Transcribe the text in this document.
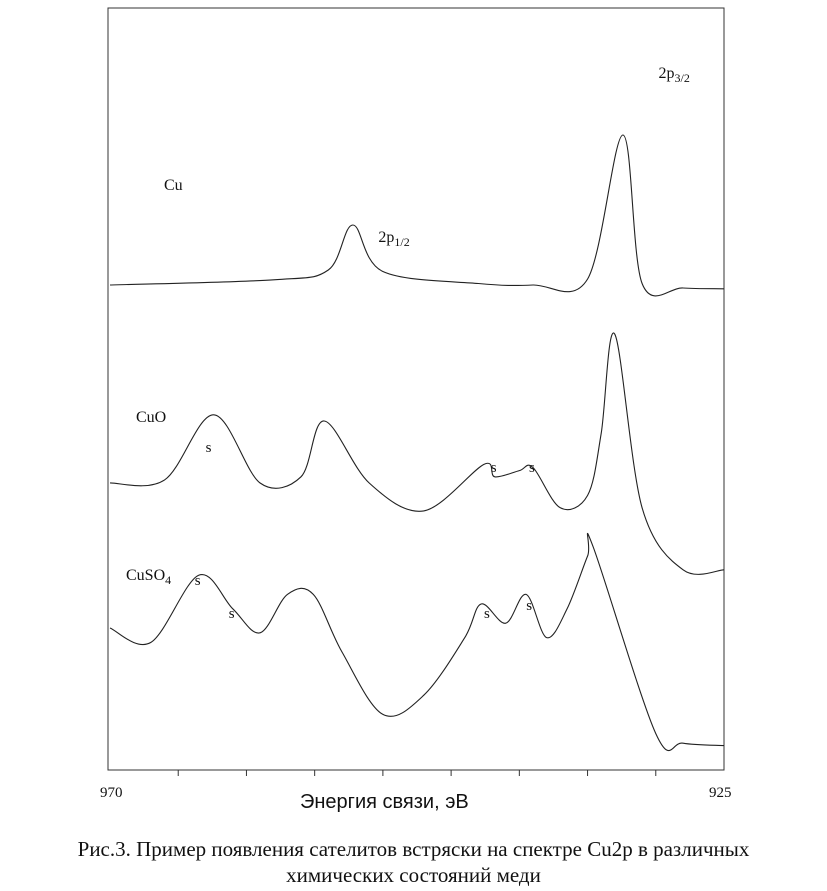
Cu
$2p_{1/2}$
$2p_{3/2}$
CuO
s
s s
CuSO$_4$ s
s	s s
970	925
Энергия связи, эВ
Рис.3. Пример появления сателитов встряски на спектре Cu2p в различных
химических состояний меди
